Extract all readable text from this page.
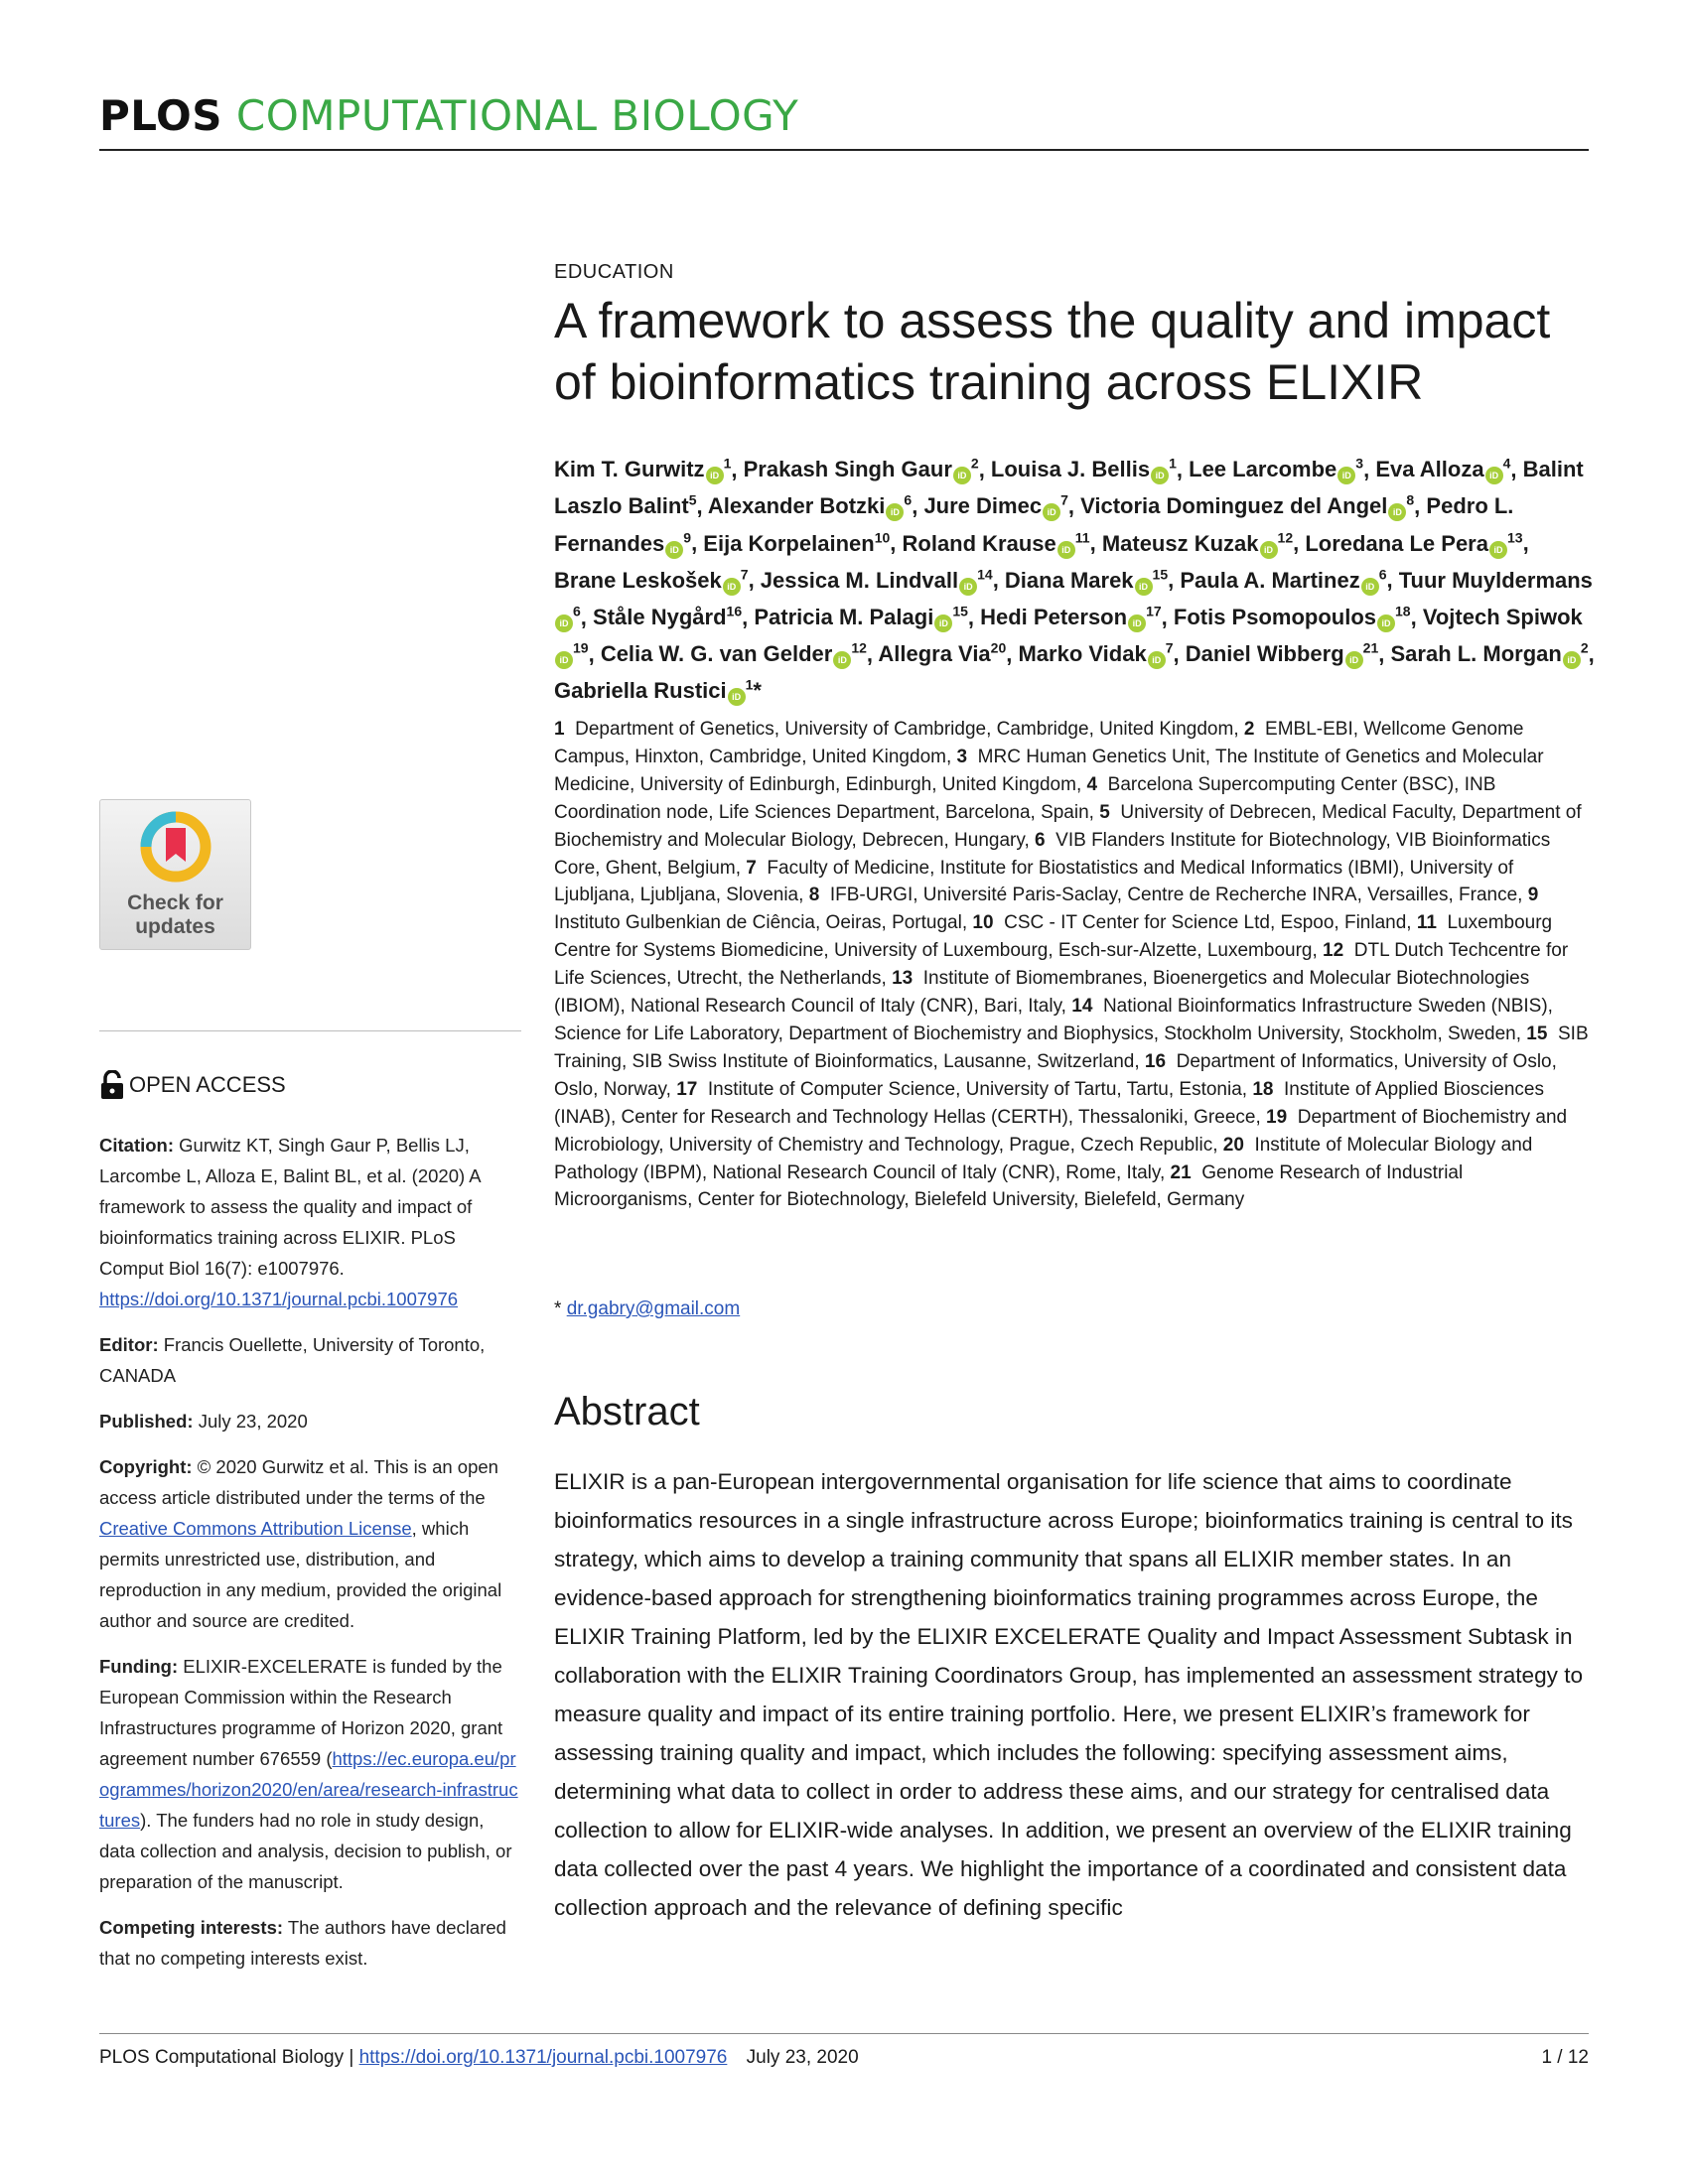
PLOS COMPUTATIONAL BIOLOGY
Check for
updates
OPEN ACCESS

Citation: Gurwitz KT, Singh Gaur P, Bellis LJ, Larcombe L, Alloza E, Balint BL, et al. (2020) A framework to assess the quality and impact of bioinformatics training across ELIXIR. PLoS Comput Biol 16(7): e1007976. https://doi.org/10.1371/journal.pcbi.1007976

Editor: Francis Ouellette, University of Toronto, CANADA

Published: July 23, 2020

Copyright: © 2020 Gurwitz et al. This is an open access article distributed under the terms of the Creative Commons Attribution License, which permits unrestricted use, distribution, and reproduction in any medium, provided the original author and source are credited.

Funding: ELIXIR-EXCELERATE is funded by the European Commission within the Research Infrastructures programme of Horizon 2020, grant agreement number 676559 (https://ec.europa.eu/programmes/horizon2020/en/area/research-infrastructures). The funders had no role in study design, data collection and analysis, decision to publish, or preparation of the manuscript.

Competing interests: The authors have declared that no competing interests exist.

EDUCATION
A framework to assess the quality and impact of bioinformatics training across ELIXIR
Kim T. Gurwitz $iD^1$, Prakash Singh Gaur $iD^2$, Louisa J. Bellis $iD^1$, Lee Larcombe $iD^3$, Eva Alloza $iD^4$, Balint Laszlo Balint$^5$, Alexander Botzki $iD^6$, Jure Dimec $iD^7$, Victoria Dominguez del Angel $iD^8$, Pedro L. Fernandes $iD^9$, Eija Korpelainen$^{10}$, Roland Krause $iD^{11}$, Mateusz Kuzak $iD^{12}$, Loredana Le Pera $iD^{13}$, Brane Leskošek $iD^7$, Jessica M. Lindvall $iD^{14}$, Diana Marek $iD^{15}$, Paula A. Martinez $iD^6$, Tuur MuyldermansiD$^6$, Ståle Nygård$^{16}$, Patricia M. Palagi $iD^{15}$, Hedi Peterson $iD^{17}$, Fotis Psomopoulos $iD^{18}$, Vojtech SpiwokiD$^{19}$, Celia W. G. van Gelder $iD^{12}$, Allegra Via$^{20}$, Marko Vidak $iD^7$, Daniel Wibberg $iD^{21}$, Sarah L. Morgan $iD^2$, Gabriella Rustici $iD^1*$
1  Department of Genetics, University of Cambridge, Cambridge, United Kingdom, 2  EMBL-EBI, Wellcome Genome Campus, Hinxton, Cambridge, United Kingdom, 3  MRC Human Genetics Unit, The Institute of Genetics and Molecular Medicine, University of Edinburgh, Edinburgh, United Kingdom, 4  Barcelona Supercomputing Center (BSC), INB Coordination node, Life Sciences Department, Barcelona, Spain, 5  University of Debrecen, Medical Faculty, Department of Biochemistry and Molecular Biology, Debrecen, Hungary, 6  VIB Flanders Institute for Biotechnology, VIB Bioinformatics Core, Ghent, Belgium, 7  Faculty of Medicine, Institute for Biostatistics and Medical Informatics (IBMI), University of Ljubljana, Ljubljana, Slovenia, 8  IFB-URGI, Université Paris-Saclay, Centre de Recherche INRA, Versailles, France, 9  Instituto Gulbenkian de Ciência, Oeiras, Portugal, 10  CSC - IT Center for Science Ltd, Espoo, Finland, 11  Luxembourg Centre for Systems Biomedicine, University of Luxembourg, Esch-sur-Alzette, Luxembourg, 12  DTL Dutch Techcentre for Life Sciences, Utrecht, the Netherlands, 13  Institute of Biomembranes, Bioenergetics and Molecular Biotechnologies (IBIOM), National Research Council of Italy (CNR), Bari, Italy, 14  National Bioinformatics Infrastructure Sweden (NBIS), Science for Life Laboratory, Department of Biochemistry and Biophysics, Stockholm University, Stockholm, Sweden, 15  SIB Training, SIB Swiss Institute of Bioinformatics, Lausanne, Switzerland, 16  Department of Informatics, University of Oslo, Oslo, Norway, 17  Institute of Computer Science, University of Tartu, Tartu, Estonia, 18  Institute of Applied Biosciences (INAB), Center for Research and Technology Hellas (CERTH), Thessaloniki, Greece, 19  Department of Biochemistry and Microbiology, University of Chemistry and Technology, Prague, Czech Republic, 20  Institute of Molecular Biology and Pathology (IBPM), National Research Council of Italy (CNR), Rome, Italy, 21  Genome Research of Industrial Microorganisms, Center for Biotechnology, Bielefeld University, Bielefeld, Germany
* dr.gabry@gmail.com
Abstract

ELIXIR is a pan-European intergovernmental organisation for life science that aims to coordinate bioinformatics resources in a single infrastructure across Europe; bioinformatics training is central to its strategy, which aims to develop a training community that spans all ELIXIR member states. In an evidence-based approach for strengthening bioinformatics training programmes across Europe, the ELIXIR Training Platform, led by the ELIXIR EXCELERATE Quality and Impact Assessment Subtask in collaboration with the ELIXIR Training Coordinators Group, has implemented an assessment strategy to measure quality and impact of its entire training portfolio. Here, we present ELIXIR’s framework for assessing training quality and impact, which includes the following: specifying assessment aims, determining what data to collect in order to address these aims, and our strategy for centralised data collection to allow for ELIXIR-wide analyses. In addition, we present an overview of the ELIXIR training data collected over the past 4 years. We highlight the importance of a coordinated and consistent data collection approach and the relevance of defining specific

PLOS Computational Biology | https://doi.org/10.1371/journal.pcbi.1007976 July 23, 2020	1 / 12
